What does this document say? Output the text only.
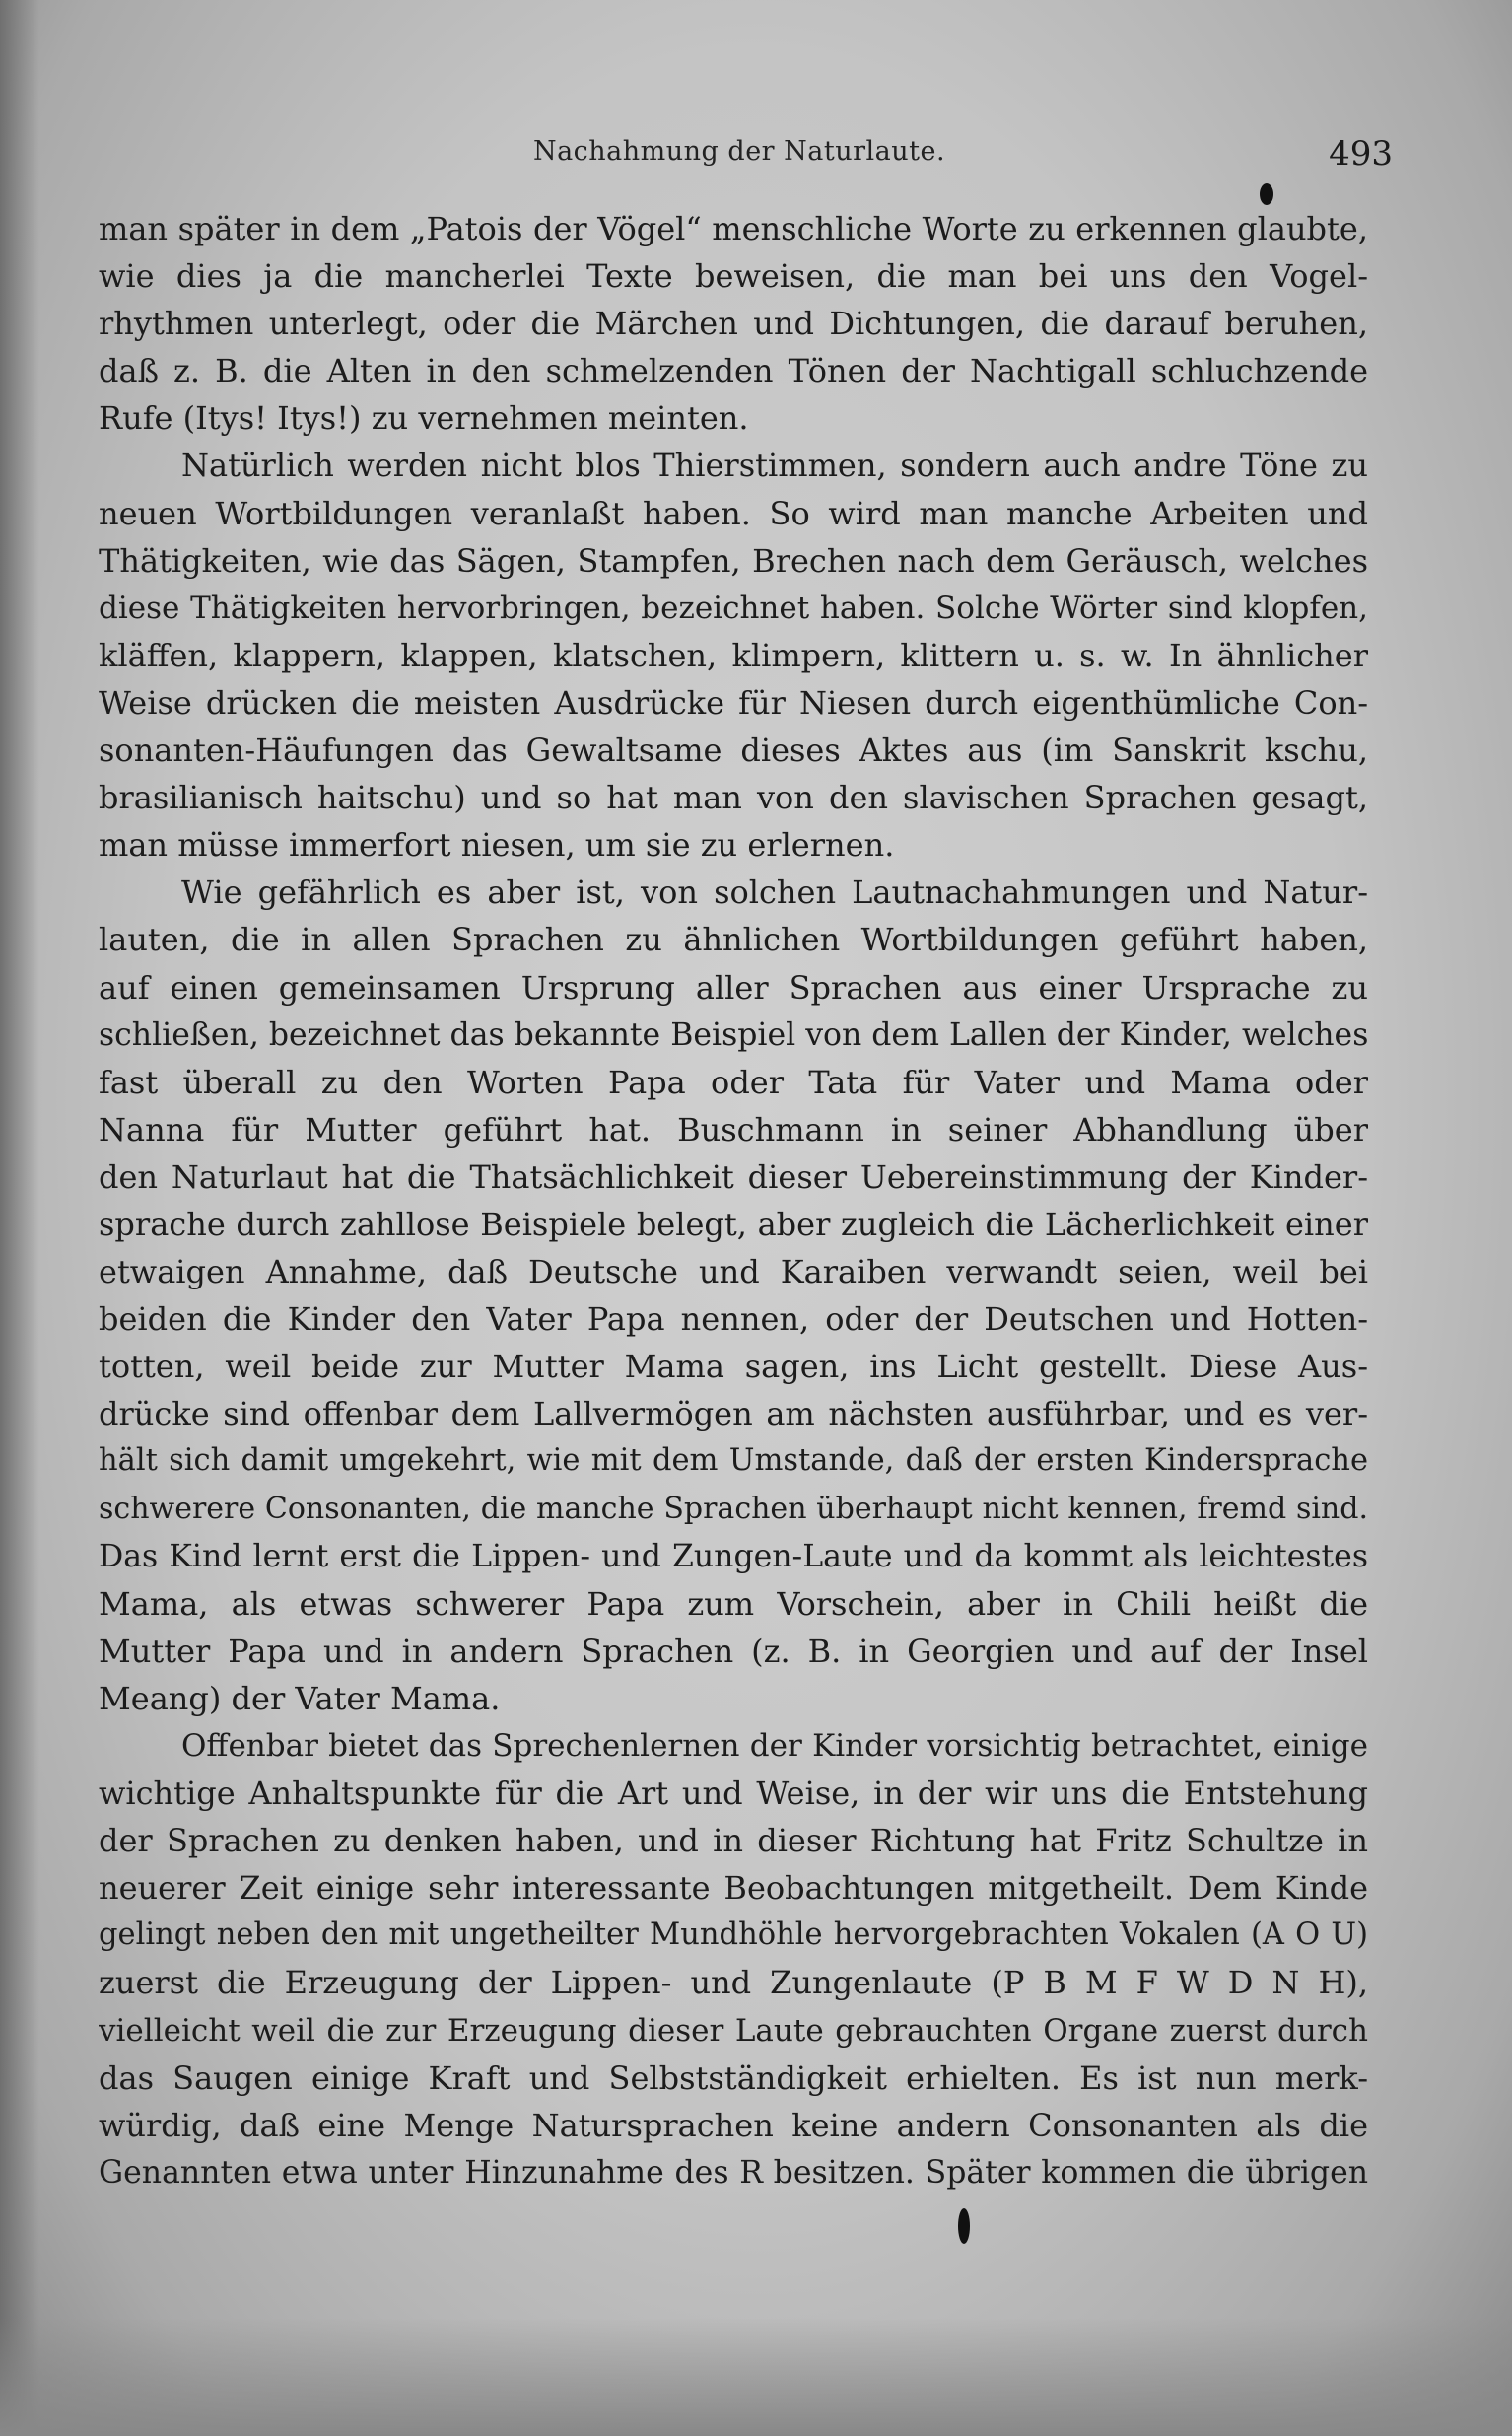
Nachahmung der Naturlaute.	493
man später in dem „Patois der Vögel“ menschliche Worte zu erkennen glaubte,
wie dies ja die mancherlei Texte beweisen, die man bei uns den Vogel-
rhythmen unterlegt, oder die Märchen und Dichtungen, die darauf beruhen,
daß z. B. die Alten in den schmelzenden Tönen der Nachtigall schluchzende
Rufe (Itys! Itys!) zu vernehmen meinten.
Natürlich werden nicht blos Thierstimmen, sondern auch andre Töne zu
neuen Wortbildungen veranlaßt haben. So wird man manche Arbeiten und
Thätigkeiten, wie das Sägen, Stampfen, Brechen nach dem Geräusch, welches
diese Thätigkeiten hervorbringen, bezeichnet haben. Solche Wörter sind klopfen,
kläffen, klappern, klappen, klatschen, klimpern, klittern u. s. w. In ähnlicher
Weise drücken die meisten Ausdrücke für Niesen durch eigenthümliche Con-
sonanten-Häufungen das Gewaltsame dieses Aktes aus (im Sanskrit kschu,
brasilianisch haitschu) und so hat man von den slavischen Sprachen gesagt,
man müsse immerfort niesen, um sie zu erlernen.
Wie gefährlich es aber ist, von solchen Lautnachahmungen und Natur-
lauten, die in allen Sprachen zu ähnlichen Wortbildungen geführt haben,
auf einen gemeinsamen Ursprung aller Sprachen aus einer Ursprache zu
schließen, bezeichnet das bekannte Beispiel von dem Lallen der Kinder, welches
fast überall zu den Worten Papa oder Tata für Vater und Mama oder
Nanna für Mutter geführt hat. Buschmann in seiner Abhandlung über
den Naturlaut hat die Thatsächlichkeit dieser Uebereinstimmung der Kinder-
sprache durch zahllose Beispiele belegt, aber zugleich die Lächerlichkeit einer
etwaigen Annahme, daß Deutsche und Karaiben verwandt seien, weil bei
beiden die Kinder den Vater Papa nennen, oder der Deutschen und Hotten-
totten, weil beide zur Mutter Mama sagen, ins Licht gestellt. Diese Aus-
drücke sind offenbar dem Lallvermögen am nächsten ausführbar, und es ver-
hält sich damit umgekehrt, wie mit dem Umstande, daß der ersten Kindersprache
schwerere Consonanten, die manche Sprachen überhaupt nicht kennen, fremd sind.
Das Kind lernt erst die Lippen- und Zungen-Laute und da kommt als leichtestes
Mama, als etwas schwerer Papa zum Vorschein, aber in Chili heißt die
Mutter Papa und in andern Sprachen (z. B. in Georgien und auf der Insel
Meang) der Vater Mama.
Offenbar bietet das Sprechenlernen der Kinder vorsichtig betrachtet, einige
wichtige Anhaltspunkte für die Art und Weise, in der wir uns die Entstehung
der Sprachen zu denken haben, und in dieser Richtung hat Fritz Schultze in
neuerer Zeit einige sehr interessante Beobachtungen mitgetheilt. Dem Kinde
gelingt neben den mit ungetheilter Mundhöhle hervorgebrachten Vokalen (A O U)
zuerst die Erzeugung der Lippen- und Zungenlaute (P B M F W D N H),
vielleicht weil die zur Erzeugung dieser Laute gebrauchten Organe zuerst durch
das Saugen einige Kraft und Selbstständigkeit erhielten. Es ist nun merk-
würdig, daß eine Menge Natursprachen keine andern Consonanten als die
Genannten etwa unter Hinzunahme des R besitzen. Später kommen die übrigen
